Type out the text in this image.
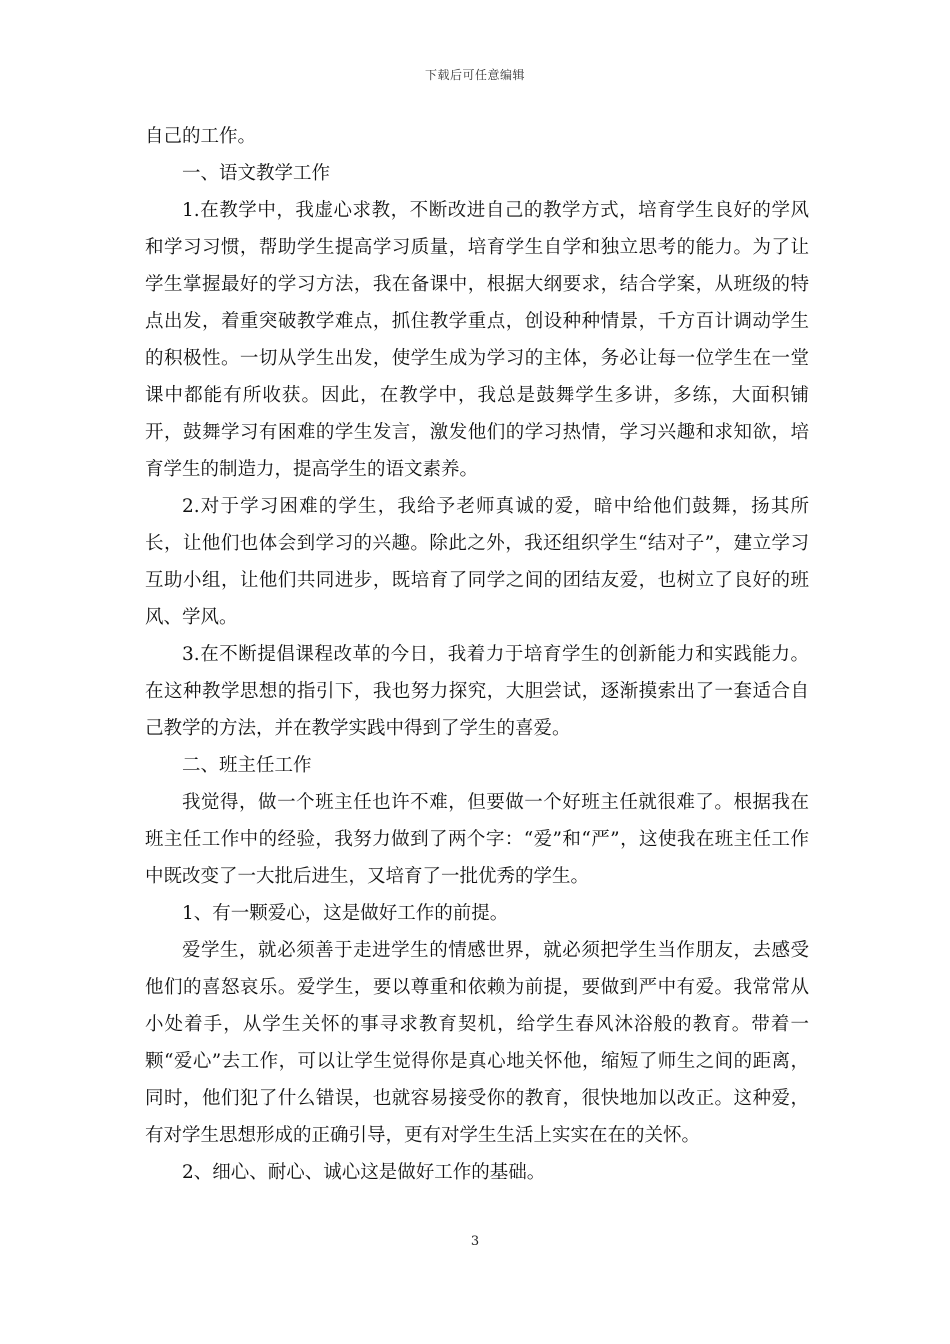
下载后可任意编辑

自己的工作。

一、语文教学工作

1.在教学中，我虚心求教，不断改进自己的教学方式，培育学生良好的学风和学习习惯，帮助学生提高学习质量，培育学生自学和独立思考的能力。为了让学生掌握最好的学习方法，我在备课中，根据大纲要求，结合学案，从班级的特点出发，着重突破教学难点，抓住教学重点，创设种种情景，千方百计调动学生的积极性。一切从学生出发，使学生成为学习的主体，务必让每一位学生在一堂课中都能有所收获。因此，在教学中，我总是鼓舞学生多讲，多练，大面积铺开，鼓舞学习有困难的学生发言，激发他们的学习热情，学习兴趣和求知欲，培育学生的制造力，提高学生的语文素养。

2.对于学习困难的学生，我给予老师真诚的爱，暗中给他们鼓舞，扬其所长，让他们也体会到学习的兴趣。除此之外，我还组织学生“结对子”，建立学习互助小组，让他们共同进步，既培育了同学之间的团结友爱，也树立了良好的班风、学风。

3.在不断提倡课程改革的今日，我着力于培育学生的创新能力和实践能力。在这种教学思想的指引下，我也努力探究，大胆尝试，逐渐摸索出了一套适合自己教学的方法，并在教学实践中得到了学生的喜爱。

二、班主任工作

我觉得，做一个班主任也许不难，但要做一个好班主任就很难了。根据我在班主任工作中的经验，我努力做到了两个字：“爱”和“严”，这使我在班主任工作中既改变了一大批后进生，又培育了一批优秀的学生。

1、有一颗爱心，这是做好工作的前提。

爱学生，就必须善于走进学生的情感世界，就必须把学生当作朋友，去感受他们的喜怒哀乐。爱学生，要以尊重和依赖为前提，要做到严中有爱。我常常从小处着手，从学生关怀的事寻求教育契机，给学生春风沐浴般的教育。带着一颗“爱心”去工作，可以让学生觉得你是真心地关怀他，缩短了师生之间的距离，同时，他们犯了什么错误，也就容易接受你的教育，很快地加以改正。这种爱，有对学生思想形成的正确引导，更有对学生生活上实实在在的关怀。

2、细心、耐心、诚心这是做好工作的基础。

3
